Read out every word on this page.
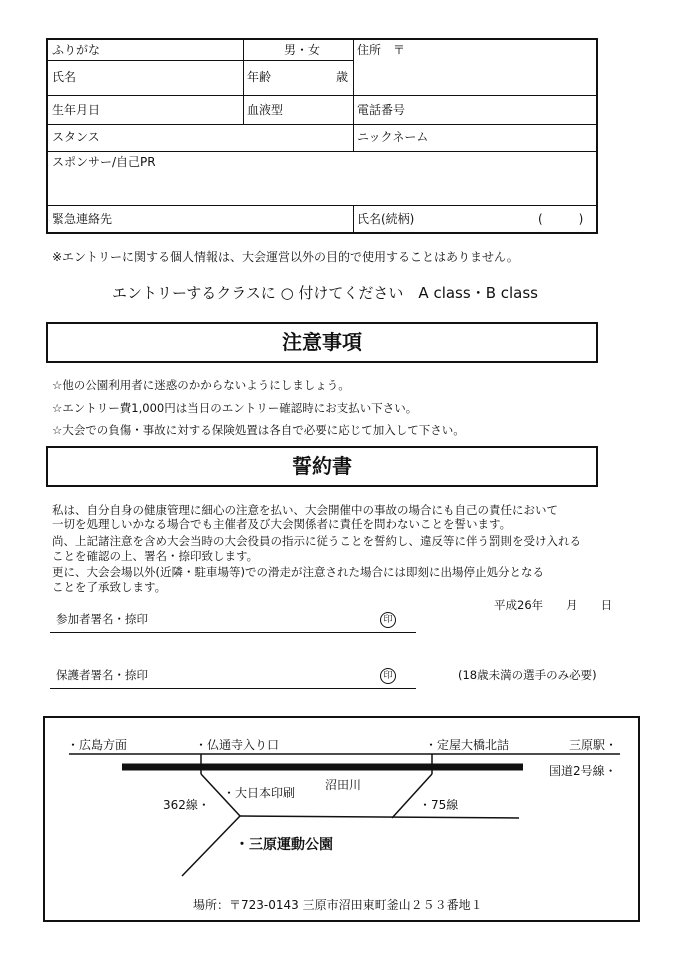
ふりがな	男・女	住所　〒
氏名	年齢	歳
生年月日	血液型	電話番号
スタンス	ニックネーム
スポンサー/自己PR
緊急連絡先	氏名(続柄)	(　　　)
※エントリーに関する個人情報は、大会運営以外の目的で使用することはありません。
エントリーするクラスに ○ 付けてください　A class・B class
注意事項
☆他の公園利用者に迷惑のかからないようにしましょう。
☆エントリー費1,000円は当日のエントリー確認時にお支払い下さい。
☆大会での負傷・事故に対する保険処置は各自で必要に応じて加入して下さい。
誓約書
私は、自分自身の健康管理に細心の注意を払い、大会開催中の事故の場合にも自己の責任において
一切を処理しいかなる場合でも主催者及び大会関係者に責任を問わないことを誓います。
尚、上記諸注意を含め大会当時の大会役員の指示に従うことを誓約し、違反等に伴う罰則を受け入れる
ことを確認の上、署名・捺印致します。
更に、大会会場以外(近隣・駐車場等)での滑走が注意された場合には即刻に出場停止処分となる
ことを了承致します。
平成26年　　月　　日
参加者署名・捺印	印
保護者署名・捺印	印	(18歳未満の選手のみ必要)
・広島方面	・仏通寺入り口	・定屋大橋北詰	三原駅・
国道2号線・
沼田川
・大日本印刷
362線・	・75線
・三原運動公園
場所：〒723-0143 三原市沼田東町釜山２５３番地１
